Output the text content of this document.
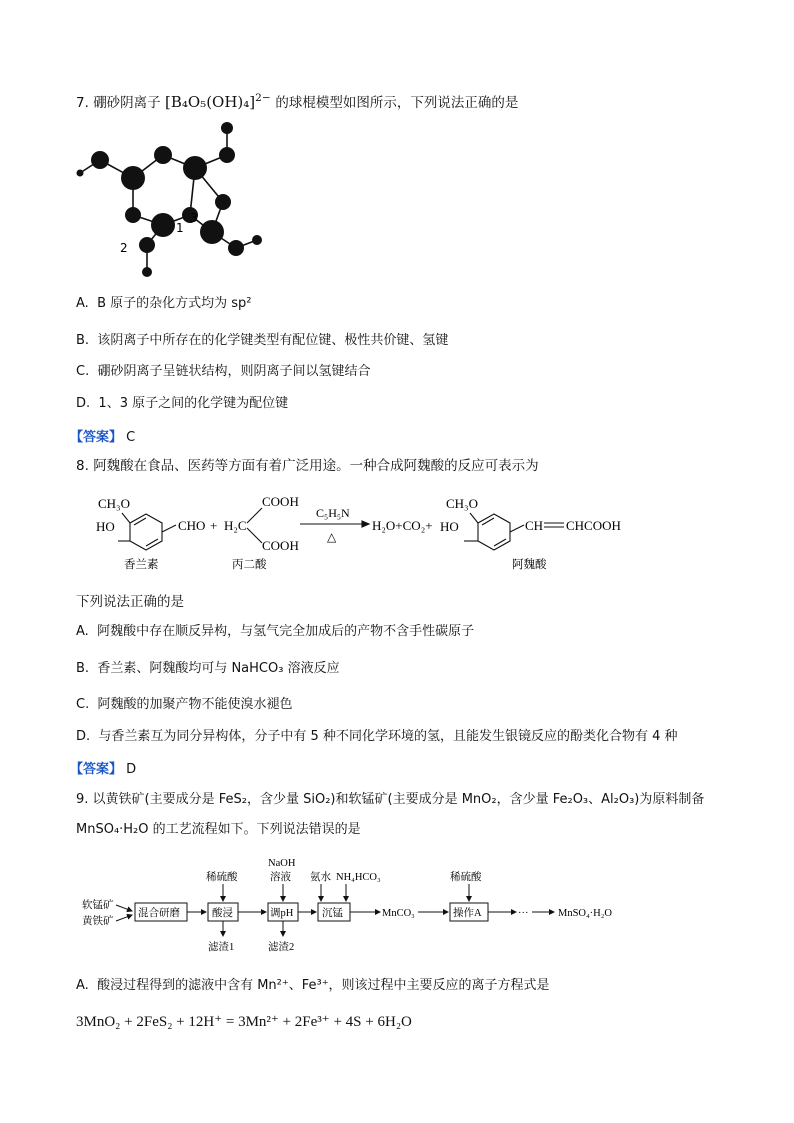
7. 硼砂阴离子 $[B_4O_5(OH)_4]^{2-}$ 的球棍模型如图所示，下列说法正确的是
3
1
2
A. B 原子的杂化方式均为 sp²
B. 该阴离子中所存在的化学键类型有配位键、极性共价键、氢键
C. 硼砂阴离子呈链状结构，则阴离子间以氢键结合
D. 1、3 原子之间的化学键为配位键
【答案】 C
8. 阿魏酸在食品、医药等方面有着广泛用途。一种合成阿魏酸的反应可表示为
CH₃O
HO	CHO + H₂C
COOH
COOH
C₅H₅N
△
H₂O+CO₂+
CH₃O
HO	CH CHCOOH
香兰素	丙二酸	阿魏酸
下列说法正确的是
A. 阿魏酸中存在顺反异构，与氢气完全加成后的产物不含手性碳原子
B. 香兰素、阿魏酸均可与 NaHCO₃ 溶液反应
C. 阿魏酸的加聚产物不能使溴水褪色
D. 与香兰素互为同分异构体，分子中有 5 种不同化学环境的氢，且能发生银镜反应的酚类化合物有 4 种
【答案】 D
9. 以黄铁矿(主要成分是 FeS₂，含少量 SiO₂)和软锰矿(主要成分是 MnO₂，含少量 Fe₂O₃、Al₂O₃)为原料制备
MnSO₄·H₂O 的工艺流程如下。下列说法错误的是
软锰矿
黄铁矿
混合研磨	酸浸	调pH	沉锰	操作A
稀硫酸
NaOH
溶液 氨水 NH₄HCO₃	稀硫酸
滤渣1	滤渣2
MnCO₃	···	MnSO₄·H₂O
A. 酸浸过程得到的滤液中含有 Mn²⁺、Fe³⁺，则该过程中主要反应的离子方程式是
3MnO₂ + 2FeS₂ + 12H⁺ = 3Mn²⁺ + 2Fe³⁺ + 4S + 6H₂O
